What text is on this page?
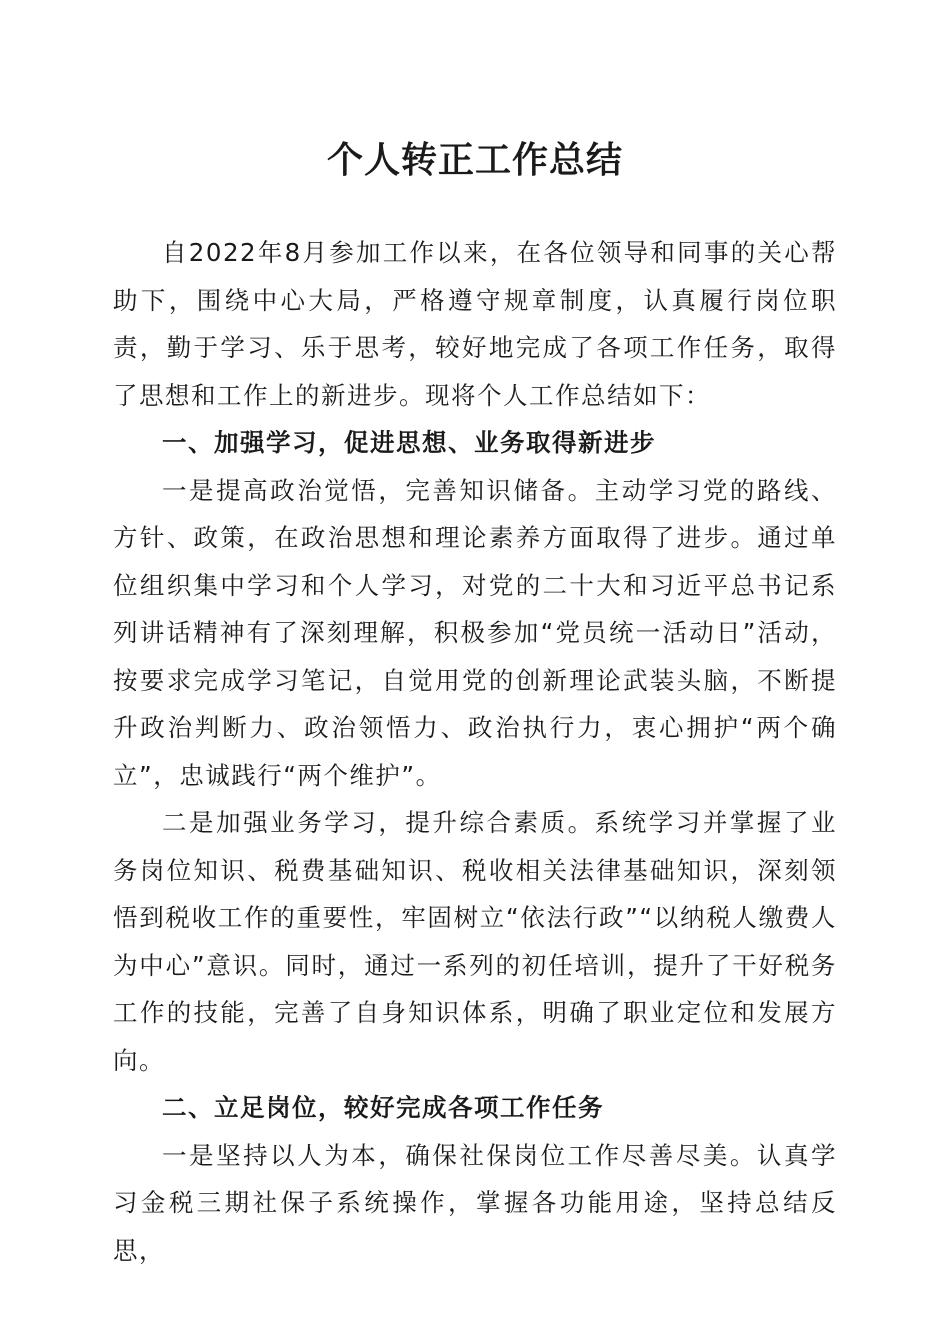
个人转正工作总结

自2022年8月参加工作以来，在各位领导和同事的关心帮助下，围绕中心大局，严格遵守规章制度，认真履行岗位职责，勤于学习、乐于思考，较好地完成了各项工作任务，取得了思想和工作上的新进步。现将个人工作总结如下：

一、加强学习，促进思想、业务取得新进步

一是提高政治觉悟，完善知识储备。主动学习党的路线、方针、政策，在政治思想和理论素养方面取得了进步。通过单位组织集中学习和个人学习，对党的二十大和习近平总书记系列讲话精神有了深刻理解，积极参加“党员统一活动日”活动，按要求完成学习笔记，自觉用党的创新理论武装头脑，不断提升政治判断力、政治领悟力、政治执行力，衷心拥护“两个确立”，忠诚践行“两个维护”。

二是加强业务学习，提升综合素质。系统学习并掌握了业务岗位知识、税费基础知识、税收相关法律基础知识，深刻领悟到税收工作的重要性，牢固树立“依法行政”“以纳税人缴费人为中心”意识。同时，通过一系列的初任培训，提升了干好税务工作的技能，完善了自身知识体系，明确了职业定位和发展方向。

二、立足岗位，较好完成各项工作任务

一是坚持以人为本，确保社保岗位工作尽善尽美。认真学习金税三期社保子系统操作，掌握各功能用途，坚持总结反思，
